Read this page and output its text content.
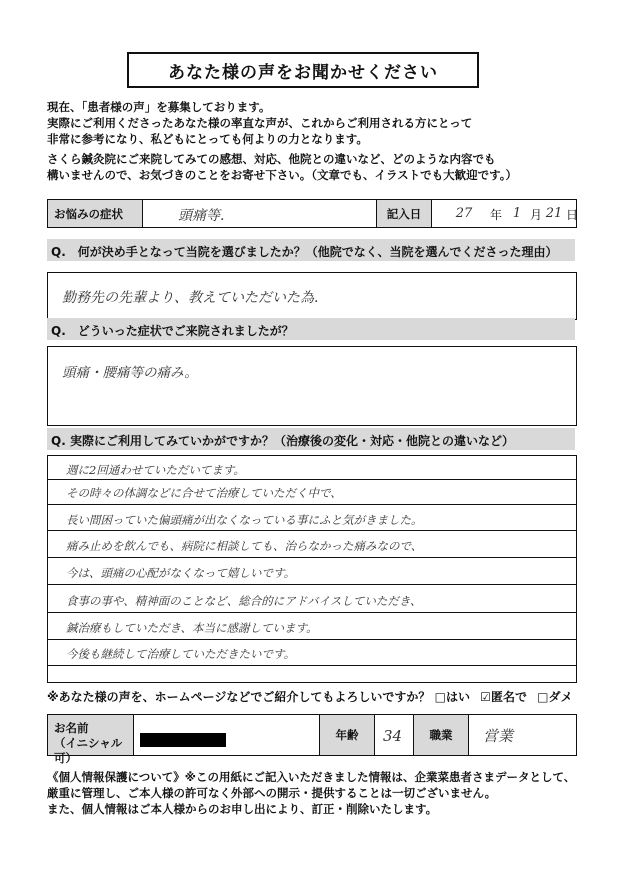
あなた様の声をお聞かせください
現在、「患者様の声」を募集しております。
実際にご利用くださったあなた様の率直な声が、これからご利用される方にとって
非常に参考になり、私どもにとっても何よりの力となります。
さくら鍼灸院にご来院してみての感想、対応、他院との違いなど、どのような内容でも
構いませんので、お気づきのことをお寄せ下さい。（文章でも、イラストでも大歓迎です。）
お悩みの症状	頭痛等.	記入日	27	年 1 月 21 日
Q.　何が決め手となって当院を選びましたか？（他院でなく、当院を選んでくださった理由）
勤務先の先輩より、教えていただいた為.
Q.　どういった症状でご来院されましたが？
頭痛・腰痛等の痛み。
Q. 実際にご利用してみていかがですか？（治療後の変化・対応・他院との違いなど）
週に2回通わせていただいてます。
その時々の体調などに合せて治療していただく中で、
長い間困っていた偏頭痛が出なくなっている事にふと気がきました。
痛み止めを飲んでも、病院に相談しても、治らなかった痛みなので、
今は、頭痛の心配がなくなって嬉しいです。
食事の事や、精神面のことなど、総合的にアドバイスしていただき、
鍼治療もしていただき、本当に感謝しています。
今後も継続して治療していただきたいです。
※あなた様の声を、ホームページなどでご紹介してもよろしいですか？ □はい ☑匿名で □ダメ
お名前
（イニシャル可）
年齢 34 職業 営業
《個人情報保護について》※この用紙にご記入いただきました情報は、企業菜患者さまデータとして、
厳重に管理し、ご本人様の許可なく外部への開示・提供することは一切ございません。
また、個人情報はご本人様からのお申し出により、訂正・削除いたします。
